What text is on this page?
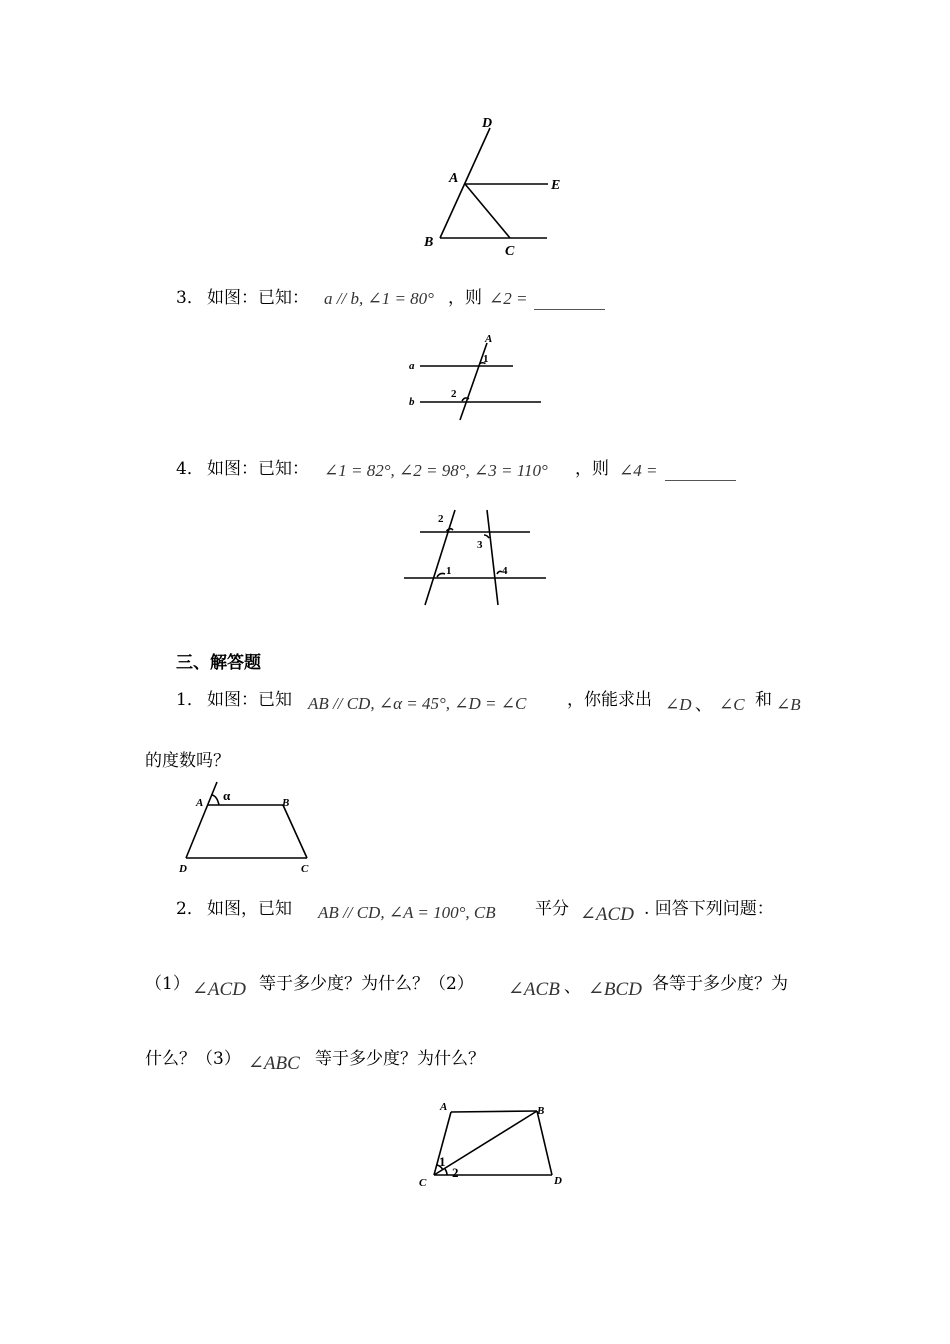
D
A	E
B
C
3． 如图：已知： a // b, ∠1 = 80° ，则 ∠2 =
A
a
b
1
2
4． 如图：已知： ∠1 = 82°, ∠2 = 98°, ∠3 = 110° ，则 ∠4 =
1
2
3
4
三、解答题
1． 如图：已知 AB // CD, ∠α = 45°, ∠D = ∠C ，你能求出 ∠D 、 ∠C 和 ∠B
的度数吗？
A α	B
D	C
2． 如图，已知 AB // CD, ∠A = 100°, CB 平分 ∠ACD . 回答下列问题：
（1） ∠ACD 等于多少度？为什么？（2） ∠ACB 、 ∠BCD 各等于多少度？为
什么？（3） ∠ABC 等于多少度？为什么？
A	B
C	D
1
2
